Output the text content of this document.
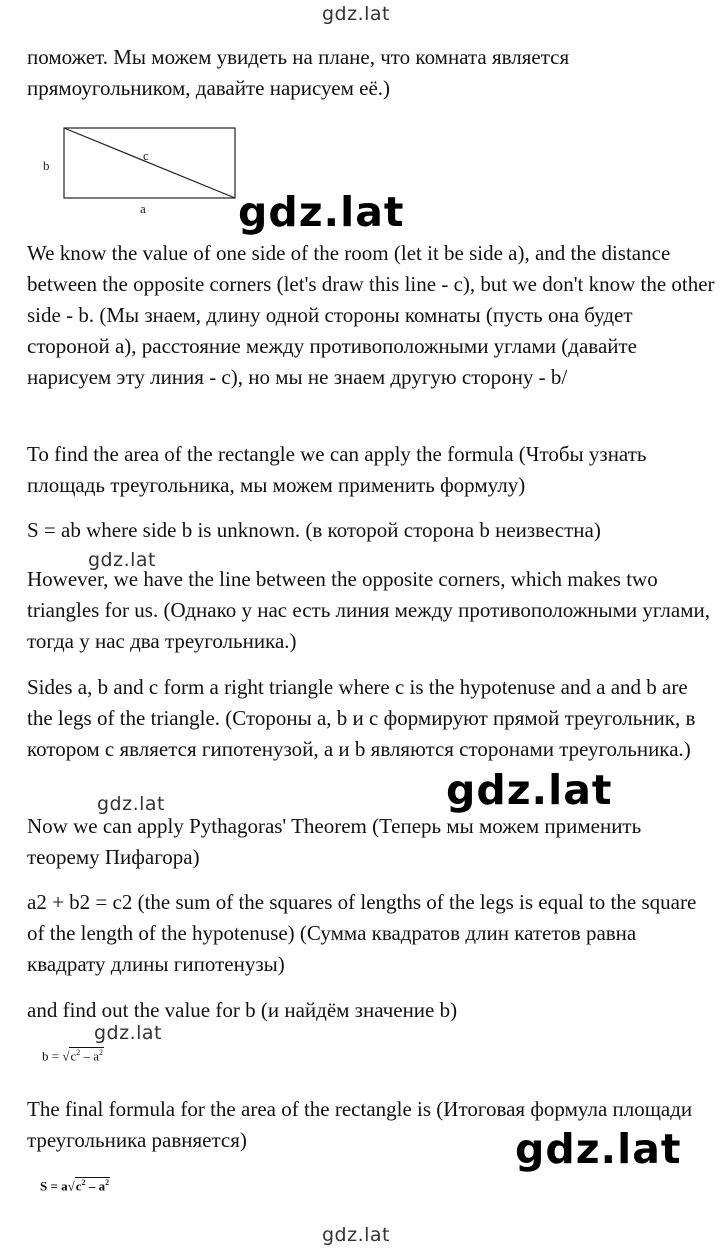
gdz.lat
gdz.lat
gdz.lat
gdz.lat
gdz.lat
gdz.lat
gdz.lat
gdz.lat

поможет. Мы можем увидеть на плане, что комната является прямоугольником, давайте нарисуем её.)

b
c
a

We know the value of one side of the room (let it be side a), and the distance between the opposite corners (let's draw this line - c), but we don't know the other side - b. (Мы знаем, длину одной стороны комнаты (пусть она будет стороной a), расстояние между противоположными углами (давайте нарисуем эту линия - c), но мы не знаем другую сторону - b/

To find the area of the rectangle we can apply the formula (Чтобы узнать площадь треугольника, мы можем применить формулу)

S = ab where side b is unknown. (в которой сторона b неизвестна)

However, we have the line between the opposite corners, which makes two triangles for us. (Однако у нас есть линия между противоположными углами, тогда у нас два треугольника.)

Sides a, b and c form a right triangle where c is the hypotenuse and a and b are the legs of the triangle. (Стороны a, b и c формируют прямой треугольник, в котором c является гипотенузой, а и b являются сторонами треугольника.)

Now we can apply Pythagoras' Theorem (Теперь мы можем применить теорему Пифагора)

a2 + b2 = c2 (the sum of the squares of lengths of the legs is equal to the square of the length of the hypotenuse) (Сумма квадратов длин катетов равна квадрату длины гипотенузы)

and find out the value for b (и найдём значение b)

$b = √c^2 - a^2$

The final formula for the area of the rectangle is (Итоговая формула площади треугольника равняется)

$S = a√c^2 - a^2$
